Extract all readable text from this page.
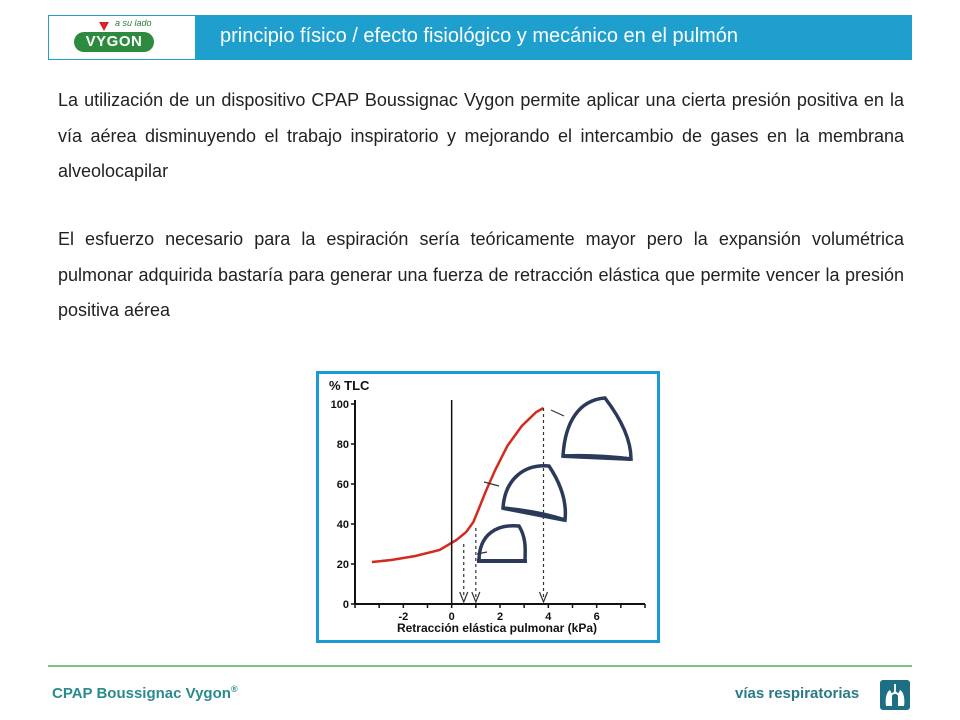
a su lado
VYGON	principio físico / efecto fisiológico y mecánico en el pulmón

La utilización de un dispositivo CPAP Boussignac Vygon permite aplicar una cierta presión positiva en la vía aérea disminuyendo el trabajo inspiratorio y mejorando el intercambio de gases en la membrana alveolocapilar

El esfuerzo necesario para la espiración sería teóricamente mayor pero la expansión volumétrica pulmonar adquirida bastaría para generar una fuerza de retracción elástica que permite vencer la presión positiva aérea

6
4
2
0
-2
100
80
60
40
20
0
% TLC
Retracción elástica pulmonar (kPa)
CPAP Boussignac Vygon®	vías respiratorias
